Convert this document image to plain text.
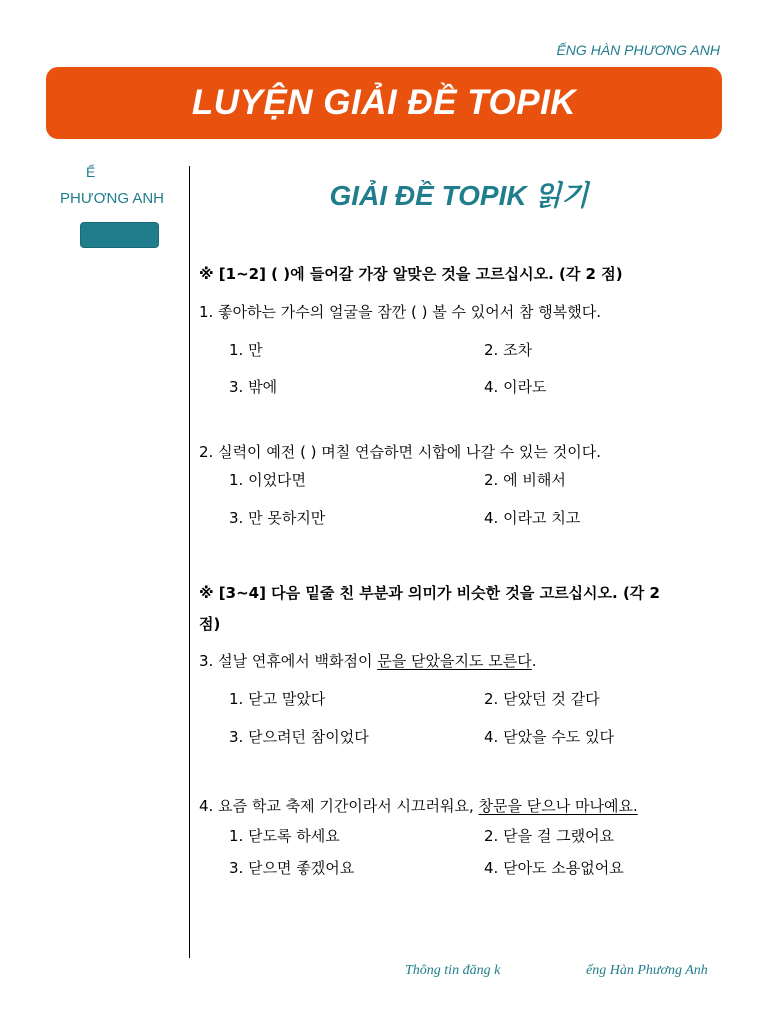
ẾNG HÀN PHƯƠNG ANH
LUYỆN GIẢI ĐỀ TOPIK
Ế
PHƯƠNG ANH	GIẢI ĐỀ TOPIK 읽기
※ [1~2] ( )에 들어갈 가장 알맞은 것을 고르십시오. (각 2 점)
1. 좋아하는 가수의 얼굴을 잠깐 ( ) 볼 수 있어서 참 행복했다.
1. 만	2. 조차
3. 밖에	4. 이라도
2. 실력이 예전 ( ) 며칠 연습하면 시합에 나갈 수 있는 것이다.
1. 이었다면	2. 에 비해서
3. 만 못하지만	4. 이라고 치고
※ [3~4] 다음 밑줄 친 부분과 의미가 비슷한 것을 고르십시오. (각 2
점)
3. 설날 연휴에서 백화점이 문을 닫았을지도 모른다.
1. 닫고 말았다	2. 닫았던 것 같다
3. 닫으려던 참이었다	4. 닫았을 수도 있다
4. 요즘 학교 축제 기간이라서 시끄러워요, 창문을 닫으나 마나예요.
1. 닫도록 하세요	2. 닫을 걸 그랬어요
3. 닫으면 좋겠어요	4. 닫아도 소용없어요
Thông tin đăng k	ếng Hàn Phương Anh
